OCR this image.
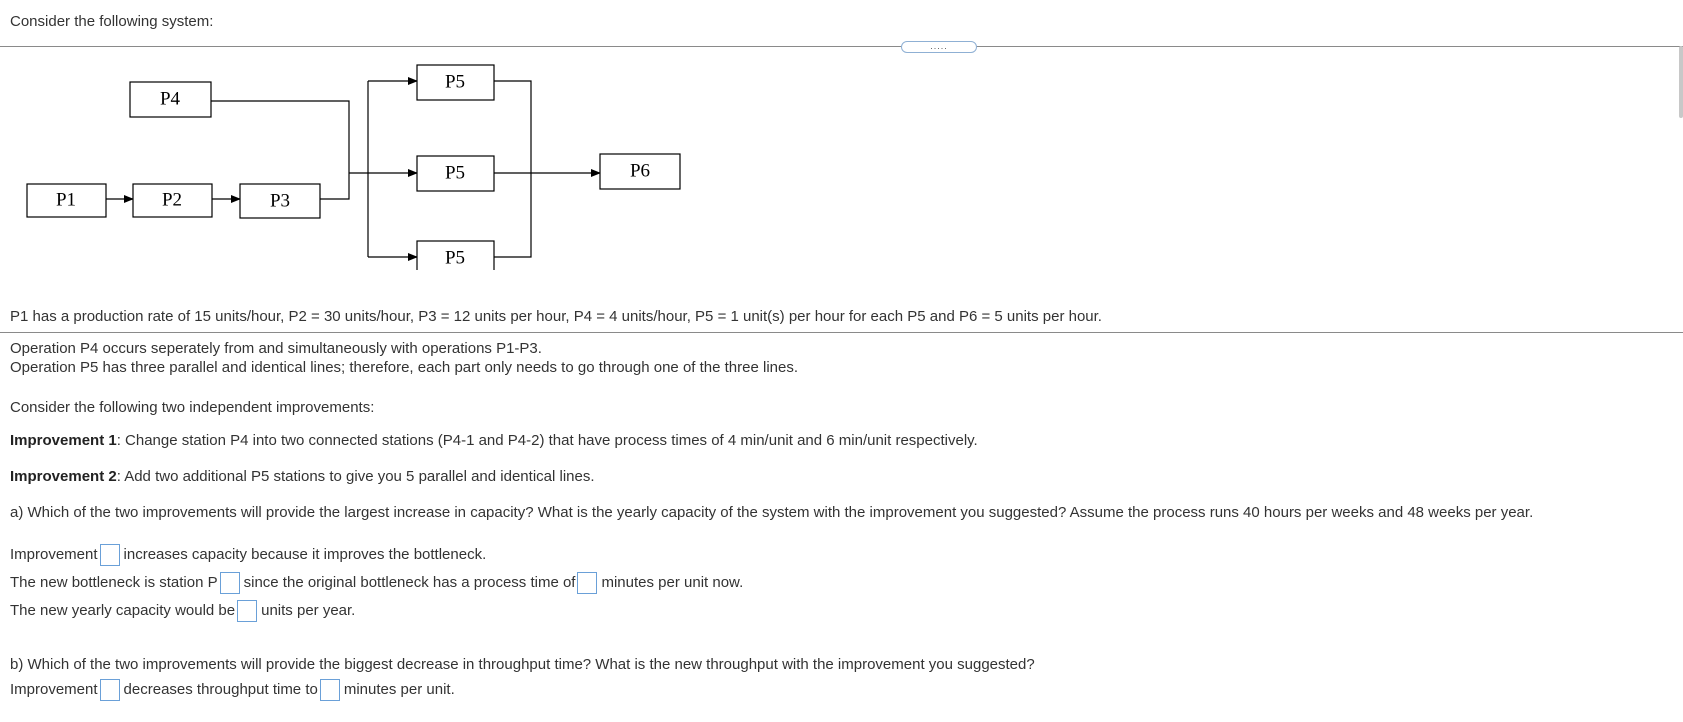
Consider the following system:
.....
P1	P2	P3
P4
P5
P5
P5
P6
P1 has a production rate of 15 units/hour, P2 = 30 units/hour, P3 = 12 units per hour, P4 = 4 units/hour, P5 = 1 unit(s) per hour for each P5 and P6 = 5 units per hour.
Operation P4 occurs seperately from and simultaneously with operations P1-P3.
Operation P5 has three parallel and identical lines; therefore, each part only needs to go through one of the three lines.
Consider the following two independent improvements:
Improvement 1: Change station P4 into two connected stations (P4-1 and P4-2) that have process times of 4 min/unit and 6 min/unit respectively.
Improvement 2: Add two additional P5 stations to give you 5 parallel and identical lines.
a) Which of the two improvements will provide the largest increase in capacity? What is the yearly capacity of the system with the improvement you suggested? Assume the process runs 40 hours per weeks and 48 weeks per year.
Improvement increases capacity because it improves the bottleneck.
The new bottleneck is station P since the original bottleneck has a process time of minutes per unit now.
The new yearly capacity would be units per year.
b) Which of the two improvements will provide the biggest decrease in throughput time? What is the new throughput with the improvement you suggested?
Improvement decreases throughput time to minutes per unit.
